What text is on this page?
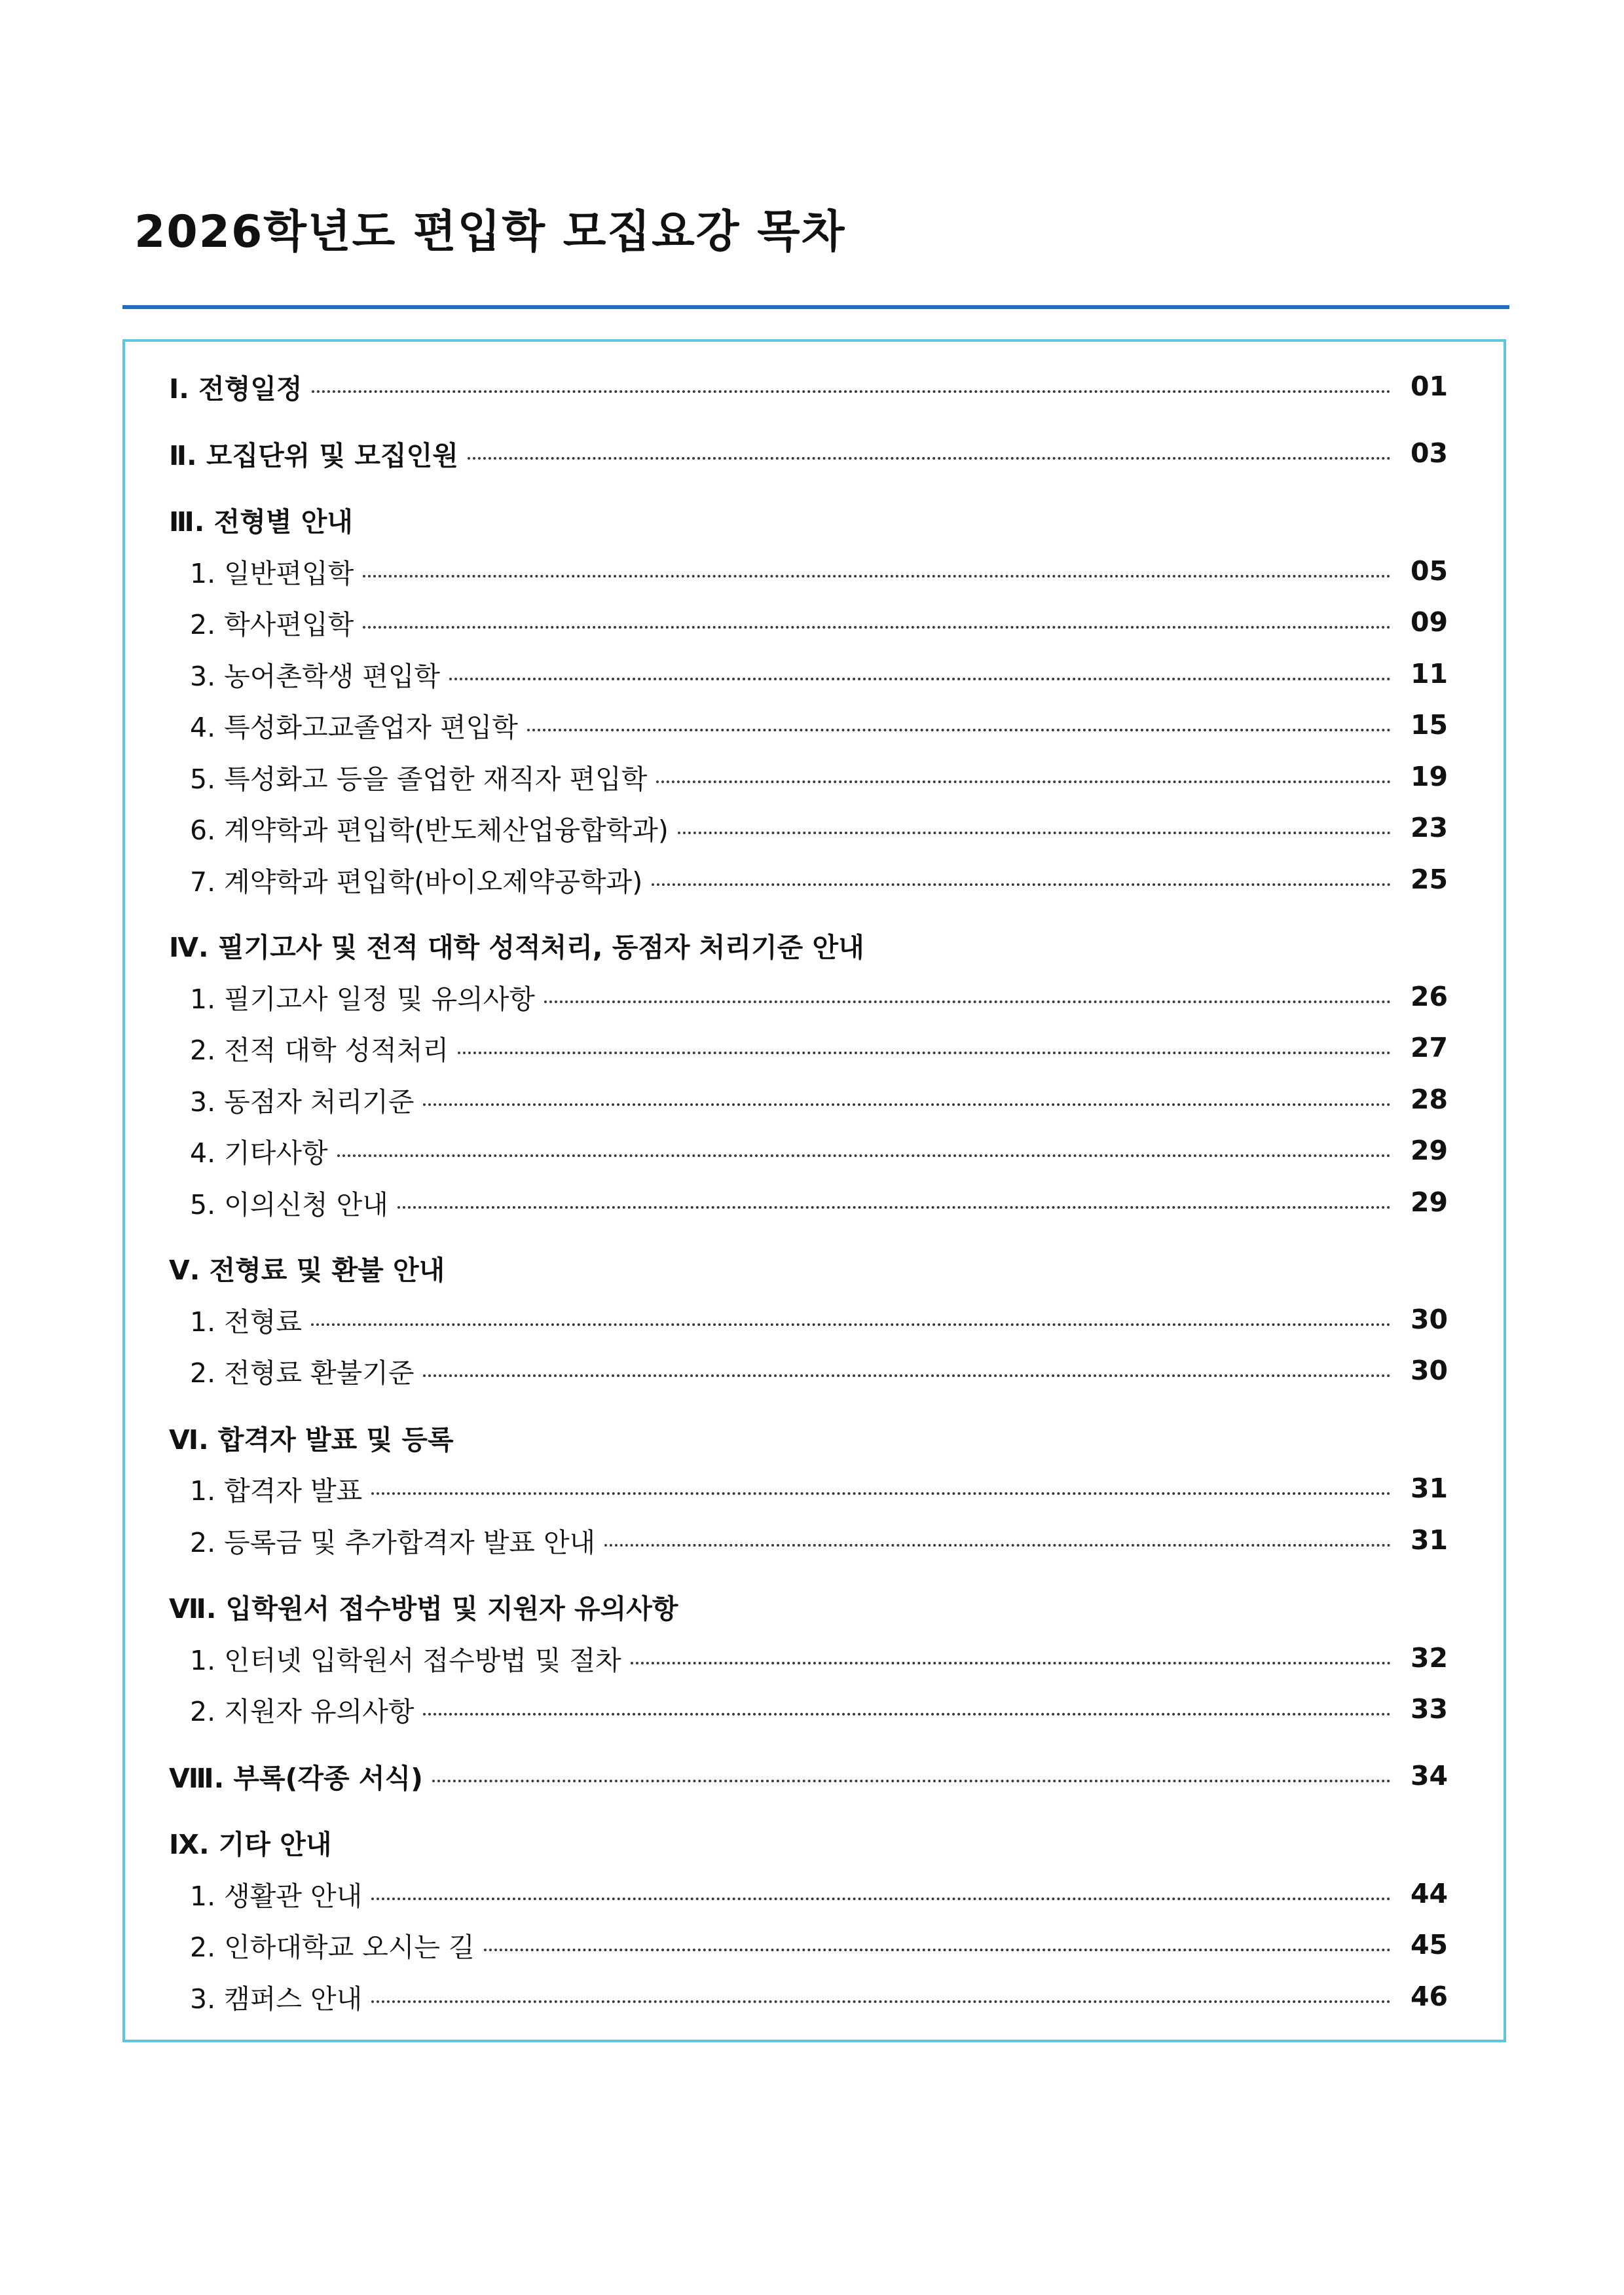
2026학년도 편입학 모집요강 목차
Ⅰ. 전형일정	01
Ⅱ. 모집단위 및 모집인원	03
Ⅲ. 전형별 안내
1. 일반편입학	05
2. 학사편입학	09
3. 농어촌학생 편입학	11
4. 특성화고교졸업자 편입학	15
5. 특성화고 등을 졸업한 재직자 편입학	19
6. 계약학과 편입학(반도체산업융합학과)	23
7. 계약학과 편입학(바이오제약공학과)	25
Ⅳ. 필기고사 및 전적 대학 성적처리, 동점자 처리기준 안내
1. 필기고사 일정 및 유의사항	26
2. 전적 대학 성적처리	27
3. 동점자 처리기준	28
4. 기타사항	29
5. 이의신청 안내	29
Ⅴ. 전형료 및 환불 안내
1. 전형료	30
2. 전형료 환불기준	30
Ⅵ. 합격자 발표 및 등록
1. 합격자 발표	31
2. 등록금 및 추가합격자 발표 안내	31
Ⅶ. 입학원서 접수방법 및 지원자 유의사항
1. 인터넷 입학원서 접수방법 및 절차	32
2. 지원자 유의사항	33
Ⅷ. 부록(각종 서식)	34
Ⅸ. 기타 안내
1. 생활관 안내	44
2. 인하대학교 오시는 길	45
3. 캠퍼스 안내	46
